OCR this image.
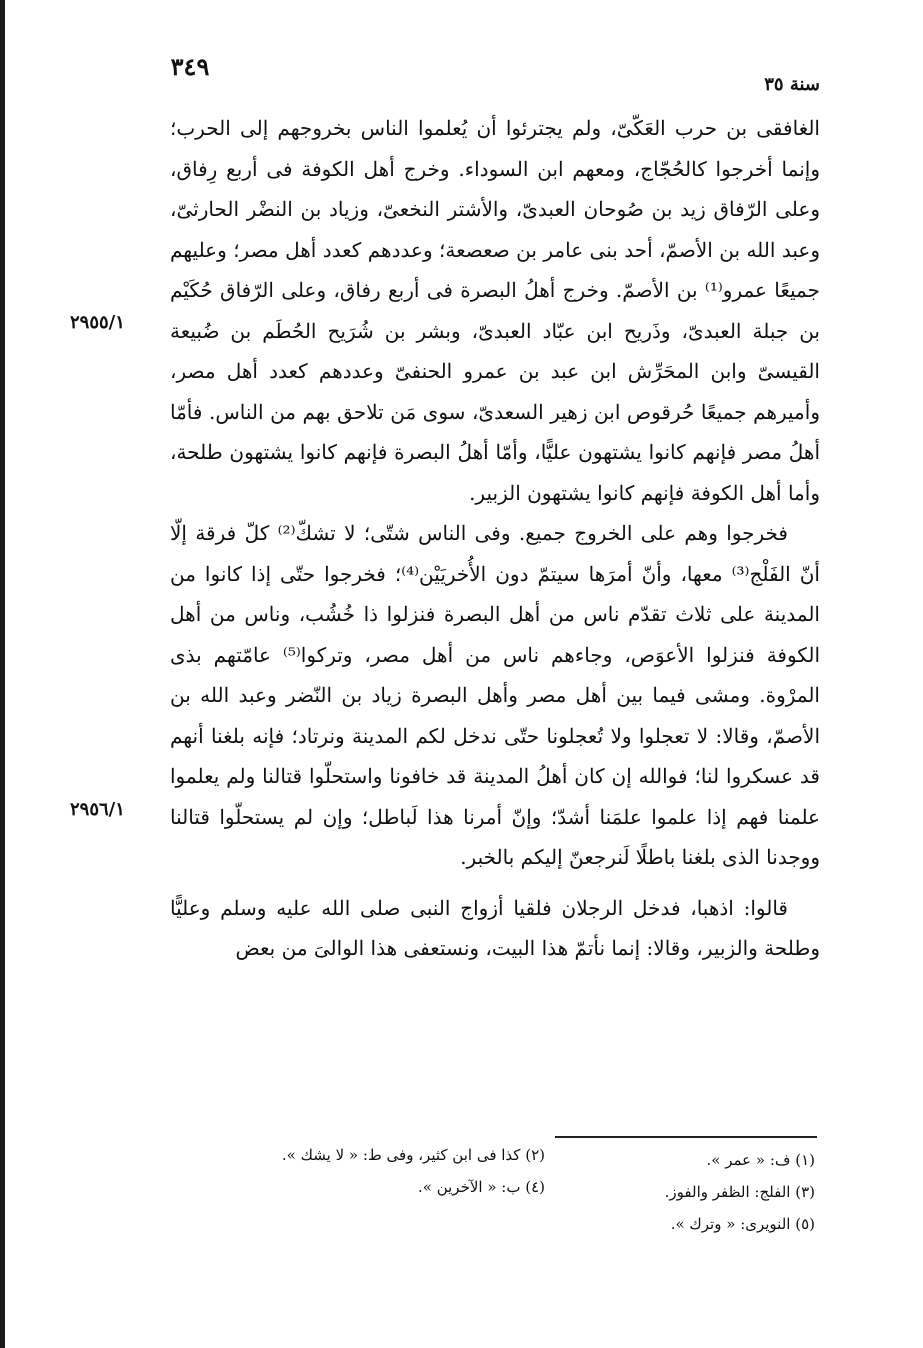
٣٤٩
سنة ٣٥
٢٩٥٥/١
٢٩٥٦/١

الغافقى بن حرب العَكّىّ، ولم يجترئوا أن يُعلموا الناس بخروجهم إلى الحرب؛ وإنما أخرجوا كالحُجّاج، ومعهم ابن السوداء. وخرج أهل الكوفة فى أربع رِفاق، وعلى الرّفاق زيد بن صُوحان العبدىّ، والأشتر النخعىّ، وزياد بن النضْر الحارثىّ، وعبد الله بن الأصمّ، أحد بنى عامر بن صعصعة؛ وعددهم كعدد أهل مصر؛ وعليهم جميعًا عمرو⁽¹⁾ بن الأصمّ. وخرج أهلُ البصرة فى أربع رفاق، وعلى الرّفاق حُكَيْم بن جبلة العبدىّ، وذَريح ابن عبّاد العبدىّ، وبشر بن شُرَيح الحُطَم بن ضُبيعة القيسىّ وابن المحَرِّش ابن عبد بن عمرو الحنفىّ وعددهم كعدد أهل مصر، وأميرهم جميعًا حُرقوص ابن زهير السعدىّ، سوى مَن تلاحق بهم من الناس. فأمّا أهلُ مصر فإنهم كانوا يشتهون عليًّا، وأمّا أهلُ البصرة فإنهم كانوا يشتهون طلحة، وأما أهل الكوفة فإنهم كانوا يشتهون الزبير.

فخرجوا وهم على الخروج جميع. وفى الناس شتّى؛ لا تشكّ⁽²⁾ كلّ فرقة إلّا أنّ الفَلْج⁽³⁾ معها، وأنّ أمرَها سيتمّ دون الأُخريَيْن⁽⁴⁾؛ فخرجوا حتّى إذا كانوا من المدينة على ثلاث تقدّم ناس من أهل البصرة فنزلوا ذا خُشُب، وناس من أهل الكوفة فنزلوا الأعوَص، وجاءهم ناس من أهل مصر، وتركوا⁽⁵⁾ عامّتهم بذى المرْوة. ومشى فيما بين أهل مصر وأهل البصرة زياد بن النّضر وعبد الله بن الأصمّ، وقالا: لا تعجلوا ولا تُعجلونا حتّى ندخل لكم المدينة ونرتاد؛ فإنه بلغنا أنهم قد عسكروا لنا؛ فوالله إن كان أهلُ المدينة قد خافونا واستحلّوا قتالنا ولم يعلموا علمنا فهم إذا علموا علمَنا أشدّ؛ وإنّ أمرنا هذا لَباطل؛ وإن لم يستحلّوا قتالنا ووجدنا الذى بلغنا باطلًا لَنرجعنّ إليكم بالخبر.

قالوا: اذهبا، فدخل الرجلان فلقيا أزواج النبى صلى الله عليه وسلم وعليًّا وطلحة والزبير، وقالا: إنما نأتمّ هذا البيت، ونستعفى هذا الوالىَ من بعض

(١) ف: « عمر ».
(٢) كذا فى ابن كثير، وفى ط: « لا يشك ».
(٣) الفلج: الظفر والفوز.
(٤) ب: « الآخرين ».
(٥) النويرى: « وترك ».
